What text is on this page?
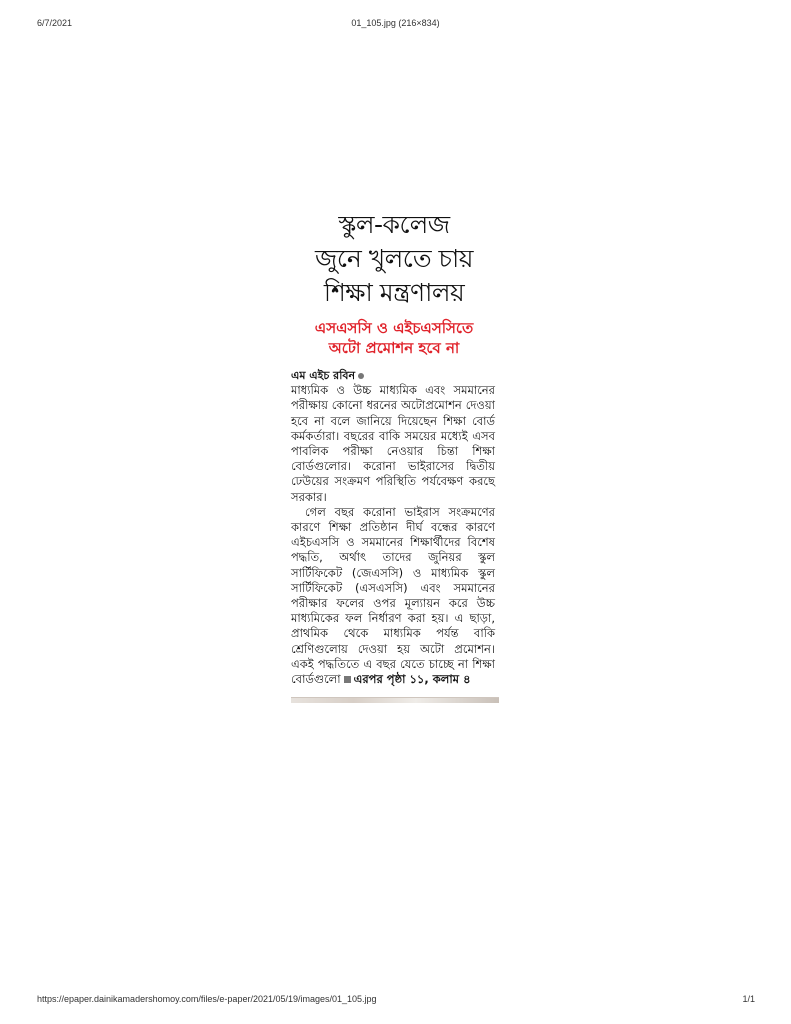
6/7/2021	01_105.jpg (216×834)
স্কুল-কলেজ
জুনে খুলতে চায়
শিক্ষা মন্ত্রণালয়
এসএসসি ও এইচএসসিতে
অটো প্রমোশন হবে না
এম এইচ রবিন

মাধ্যমিক ও উচ্চ মাধ্যমিক এবং সমমানের পরীক্ষায় কোনো ধরনের অটোপ্রমোশন দেওয়া হবে না বলে জানিয়ে দিয়েছেন শিক্ষা বোর্ড কর্মকর্তারা। বছরের বাকি সময়ের মধ্যেই এসব পাবলিক পরীক্ষা নেওয়ার চিন্তা শিক্ষা বোর্ডগুলোর। করোনা ভাইরাসের দ্বিতীয় ঢেউয়ের সংক্রমণ পরিস্থিতি পর্যবেক্ষণ করছে সরকার।

গেল বছর করোনা ভাইরাস সংক্রমণের কারণে শিক্ষা প্রতিষ্ঠান দীর্ঘ বন্ধের কারণে এইচএসসি ও সমমানের শিক্ষার্থীদের বিশেষ পদ্ধতি, অর্থাৎ তাদের জুনিয়র স্কুল সার্টিফিকেট (জেএসসি) ও মাধ্যমিক স্কুল সার্টিফিকেট (এসএসসি) এবং সমমানের পরীক্ষার ফলের ওপর মূল্যায়ন করে উচ্চ মাধ্যমিকের ফল নির্ধারণ করা হয়। এ ছাড়া, প্রাথমিক থেকে মাধ্যমিক পর্যন্ত বাকি শ্রেণিগুলোয় দেওয়া হয় অটো প্রমোশন। একই পদ্ধতিতে এ বছর যেতে চাচ্ছে না শিক্ষা বোর্ডগুলো এরপর পৃষ্ঠা ১১, কলাম ৪

https://epaper.dainikamadershomoy.com/files/e-paper/2021/05/19/images/01_105.jpg	1/1
